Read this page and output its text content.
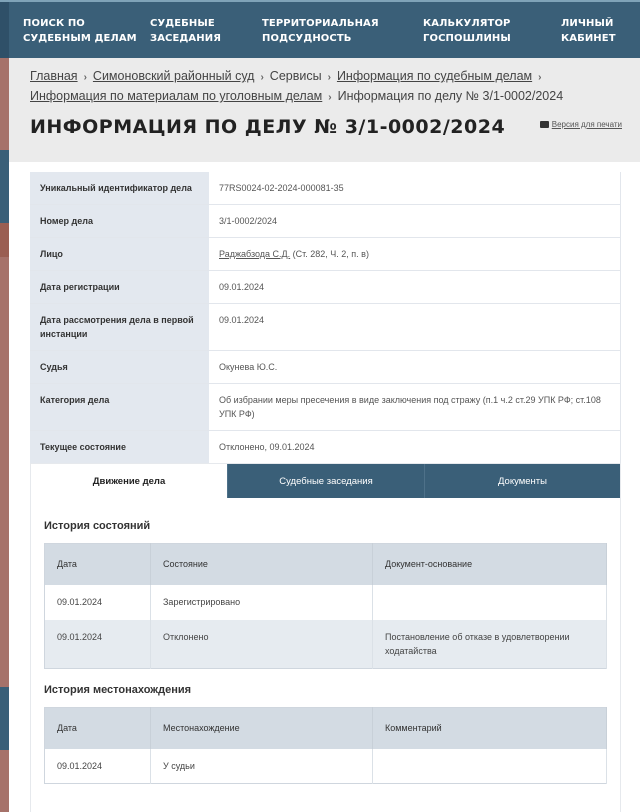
ПОИСК ПО
СУДЕБНЫМ ДЕЛАМ
СУДЕБНЫЕ
ЗАСЕДАНИЯ
ТЕРРИТОРИАЛЬНАЯ
ПОДСУДНОСТЬ
КАЛЬКУЛЯТОР
ГОСПОШЛИНЫ
ЛИЧНЫЙ
КАБИНЕТ
Главная › Симоновский районный суд › Сервисы › Информация по судебным делам ›
Информация по материалам по уголовным делам › Информация по делу № 3/1-0002/2024
ИНФОРМАЦИЯ ПО ДЕЛУ № 3/1-0002/2024	Версия для печати
Уникальный идентификатор дела	77RS0024-02-2024-000081-35
Номер дела	3/1-0002/2024
Лицо	Раджабзода С.Д. (Ст. 282, Ч. 2, п. в)
Дата регистрации	09.01.2024
Дата рассмотрения дела в первой инстанции	09.01.2024
Судья	Окунева Ю.С.
Категория дела	Об избрании меры пресечения в виде заключения под стражу (п.1 ч.2 ст.29 УПК РФ; ст.108 УПК РФ)
Текущее состояние	Отклонено, 09.01.2024
Движение дела	Судебные заседания	Документы
История состояний
Дата	Состояние	Документ-основание
09.01.2024	Зарегистрировано	
09.01.2024	Отклонено	Постановление об отказе в удовлетворении ходатайства
История местонахождения
Дата	Местонахождение	Комментарий
09.01.2024	У судьи	
